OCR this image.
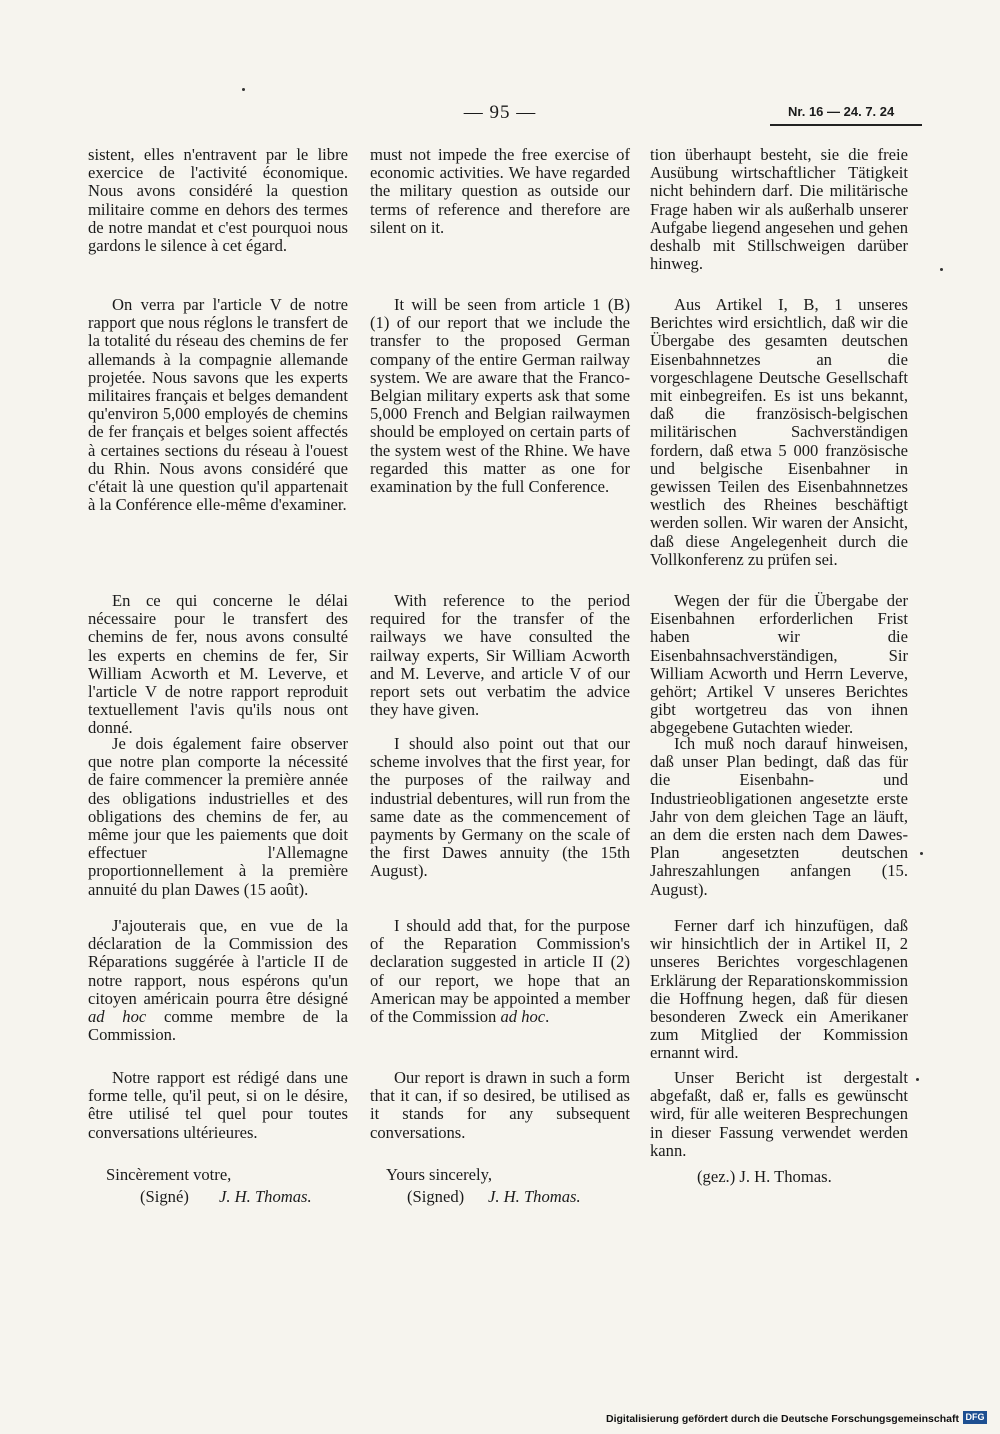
— 95 —	Nr. 16 — 24. 7. 24

sistent, elles n'entravent par le libre exercice de l'activité économique. Nous avons considéré la question militaire comme en dehors des termes de notre mandat et c'est pourquoi nous gardons le silence à cet égard.

On verra par l'article V de notre rapport que nous réglons le transfert de la totalité du réseau des chemins de fer allemands à la compagnie allemande projetée. Nous savons que les experts militaires français et belges demandent qu'environ 5,000 employés de chemins de fer français et belges soient affectés à certaines sections du réseau à l'ouest du Rhin. Nous avons considéré que c'était là une question qu'il appartenait à la Conférence elle-même d'examiner.

En ce qui concerne le délai nécessaire pour le transfert des chemins de fer, nous avons consulté les experts en chemins de fer, Sir William Acworth et M. Leverve, et l'article V de notre rapport reproduit textuellement l'avis qu'ils nous ont donné.

Je dois également faire observer que notre plan comporte la nécessité de faire commencer la première année des obligations industrielles et des obligations des chemins de fer, au même jour que les paiements que doit effectuer l'Allemagne proportionnellement à la première annuité du plan Dawes (15 août).

J'ajouterais que, en vue de la déclaration de la Commission des Réparations suggérée à l'article II de notre rapport, nous espérons qu'un citoyen américain pourra être désigné ad hoc comme membre de la Commission.

Notre rapport est rédigé dans une forme telle, qu'il peut, si on le désire, être utilisé tel quel pour toutes conversations ultérieures.

Sincèrement votre,
(Signé) J. H. Thomas.

must not impede the free exercise of economic activities. We have regarded the military question as outside our terms of reference and therefore are silent on it.

It will be seen from article 1 (B) (1) of our report that we include the transfer to the proposed German company of the entire German railway system. We are aware that the Franco-Belgian military experts ask that some 5,000 French and Belgian railwaymen should be employed on certain parts of the system west of the Rhine. We have regarded this matter as one for examination by the full Conference.

With reference to the period required for the transfer of the railways we have consulted the railway experts, Sir William Acworth and M. Leverve, and article V of our report sets out verbatim the advice they have given.

I should also point out that our scheme involves that the first year, for the purposes of the railway and industrial debentures, will run from the same date as the commencement of payments by Germany on the scale of the first Dawes annuity (the 15th August).

I should add that, for the purpose of the Reparation Commission's declaration suggested in article II (2) of our report, we hope that an American may be appointed a member of the Commission ad hoc.

Our report is drawn in such a form that it can, if so desired, be utilised as it stands for any subsequent conversations.

Yours sincerely,
(Signed) J. H. Thomas.

tion überhaupt besteht, sie die freie Ausübung wirtschaftlicher Tätigkeit nicht behindern darf. Die militärische Frage haben wir als außerhalb unserer Aufgabe liegend angesehen und gehen deshalb mit Stillschweigen darüber hinweg.

Aus Artikel I, B, 1 unseres Berichtes wird ersichtlich, daß wir die Übergabe des gesamten deutschen Eisenbahnnetzes an die vorgeschlagene Deutsche Gesellschaft mit einbegreifen. Es ist uns bekannt, daß die französisch-belgischen militärischen Sachverständigen fordern, daß etwa 5 000 französische und belgische Eisenbahner in gewissen Teilen des Eisenbahnnetzes westlich des Rheines beschäftigt werden sollen. Wir waren der Ansicht, daß diese Angelegenheit durch die Vollkonferenz zu prüfen sei.

Wegen der für die Übergabe der Eisenbahnen erforderlichen Frist haben wir die Eisenbahnsachverständigen, Sir William Acworth und Herrn Leverve, gehört; Artikel V unseres Berichtes gibt wortgetreu das von ihnen abgegebene Gutachten wieder.

Ich muß noch darauf hinweisen, daß unser Plan bedingt, daß das für die Eisenbahn- und Industrieobligationen angesetzte erste Jahr von dem gleichen Tage an läuft, an dem die ersten nach dem Dawes-Plan angesetzten deutschen Jahreszahlungen anfangen (15. August).

Ferner darf ich hinzufügen, daß wir hinsichtlich der in Artikel II, 2 unseres Berichtes vorgeschlagenen Erklärung der Reparationskommission die Hoffnung hegen, daß für diesen besonderen Zweck ein Amerikaner zum Mitglied der Kommission ernannt wird.

Unser Bericht ist dergestalt abgefaßt, daß er, falls es gewünscht wird, für alle weiteren Besprechungen in dieser Fassung verwendet werden kann.

(gez.) J. H. Thomas.
Digitalisierung gefördert durch die Deutsche Forschungsgemeinschaft DFG
